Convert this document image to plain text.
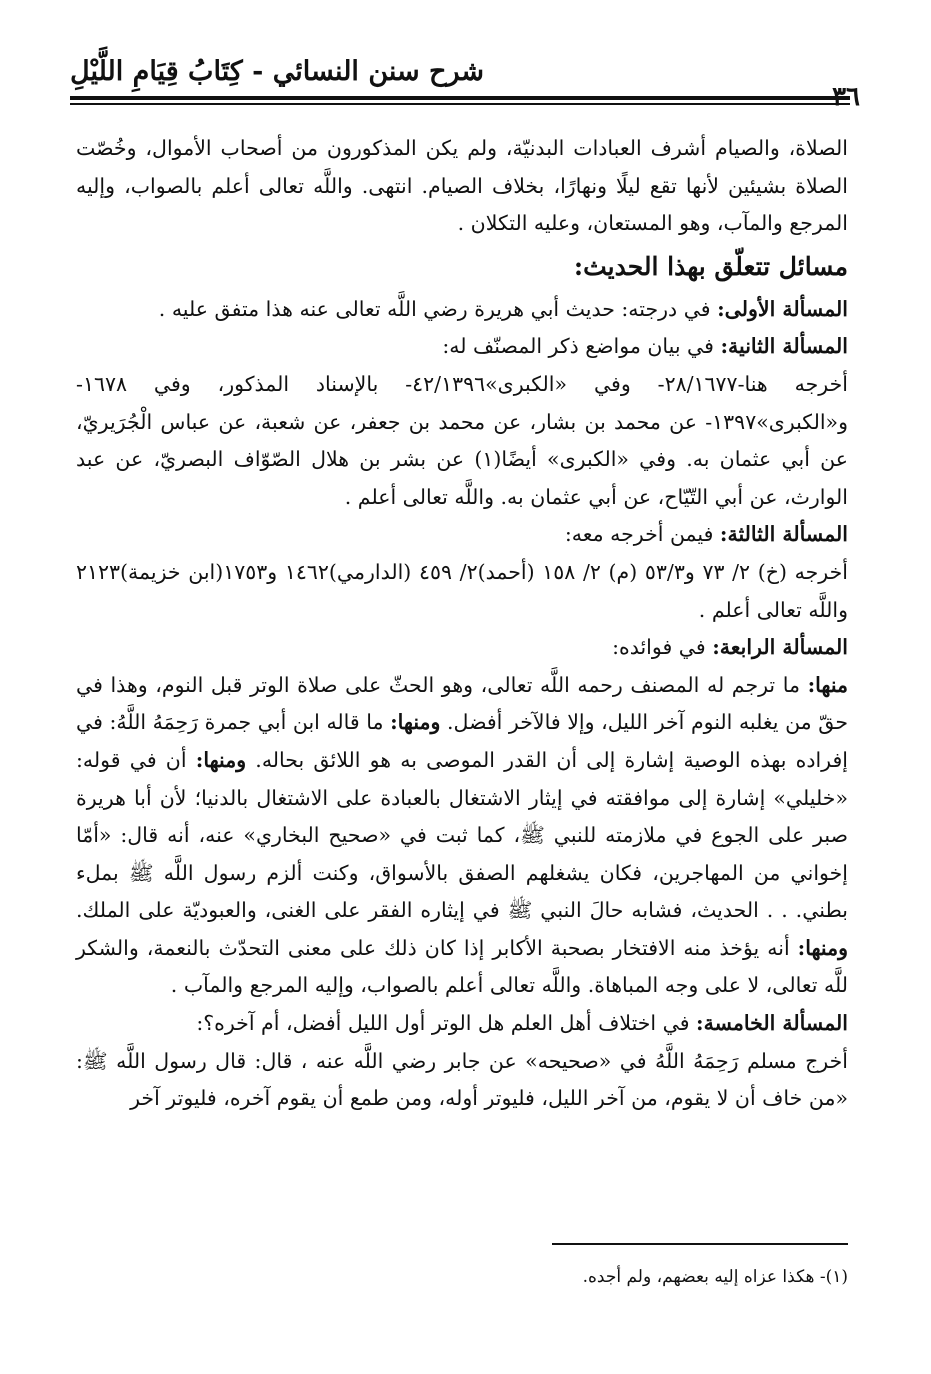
شرح سنن النسائي - كِتَابُ قِيَامِ اللَّيْلِ
٣٦

الصلاة، والصيام أشرف العبادات البدنيّة، ولم يكن المذكورون من أصحاب الأموال، وخُصّت الصلاة بشيئين لأنها تقع ليلًا ونهارًا، بخلاف الصيام. انتهى. واللَّه تعالى أعلم بالصواب، وإليه المرجع والمآب، وهو المستعان، وعليه التكلان .

مسائل تتعلّق بهذا الحديث:

المسألة الأولى: في درجته: حديث أبي هريرة رضي اللَّه تعالى عنه هذا متفق عليه .

المسألة الثانية: في بيان مواضع ذكر المصنّف له:

أخرجه هنا-٢٨/١٦٧٧- وفي «الكبرى»٤٢/١٣٩٦- بالإسناد المذكور، وفي ١٦٧٨- و«الكبرى»١٣٩٧- عن محمد بن بشار، عن محمد بن جعفر، عن شعبة، عن عباس الْجُرَيريّ، عن أبي عثمان به. وفي «الكبرى» أيضًا(١) عن بشر بن هلال الصّوّاف البصريّ، عن عبد الوارث، عن أبي التّيّاح، عن أبي عثمان به. واللَّه تعالى أعلم .

المسألة الثالثة: فيمن أخرجه معه:

أخرجه (خ) ٢/ ٧٣ و٥٣/٣ (م) ٢/ ١٥٨ (أحمد)٢/ ٤٥٩ (الدارمي)١٤٦٢ و١٧٥٣(ابن خزيمة)٢١٢٣ واللَّه تعالى أعلم .

المسألة الرابعة: في فوائده:

منها: ما ترجم له المصنف رحمه اللَّه تعالى، وهو الحثّ على صلاة الوتر قبل النوم، وهذا في حقّ من يغلبه النوم آخر الليل، وإلا فالآخر أفضل. ومنها: ما قاله ابن أبي جمرة رَحِمَهُ اللَّهُ: في إفراده بهذه الوصية إشارة إلى أن القدر الموصى به هو اللائق بحاله. ومنها: أن في قوله: «خليلي» إشارة إلى موافقته في إيثار الاشتغال بالعبادة على الاشتغال بالدنيا؛ لأن أبا هريرة صبر على الجوع في ملازمته للنبي ﷺ، كما ثبت في «صحيح البخاري» عنه، أنه قال: «أمّا إخواني من المهاجرين، فكان يشغلهم الصفق بالأسواق، وكنت ألزم رسول اللَّه ﷺ بملء بطني. . . الحديث، فشابه حالَ النبي ﷺ في إيثاره الفقر على الغنى، والعبوديّة على الملك. ومنها: أنه يؤخذ منه الافتخار بصحبة الأكابر إذا كان ذلك على معنى التحدّث بالنعمة، والشكر للَّه تعالى، لا على وجه المباهاة. واللَّه تعالى أعلم بالصواب، وإليه المرجع والمآب .

المسألة الخامسة: في اختلاف أهل العلم هل الوتر أول الليل أفضل، أم آخره؟:

أخرج مسلم رَحِمَهُ اللَّهُ في «صحيحه» عن جابر رضي اللَّه عنه ، قال: قال رسول اللَّه ﷺ: «من خاف أن لا يقوم، من آخر الليل، فليوتر أوله، ومن طمع أن يقوم آخره، فليوتر آخر

(١)- هكذا عزاه إليه بعضهم، ولم أجده.
